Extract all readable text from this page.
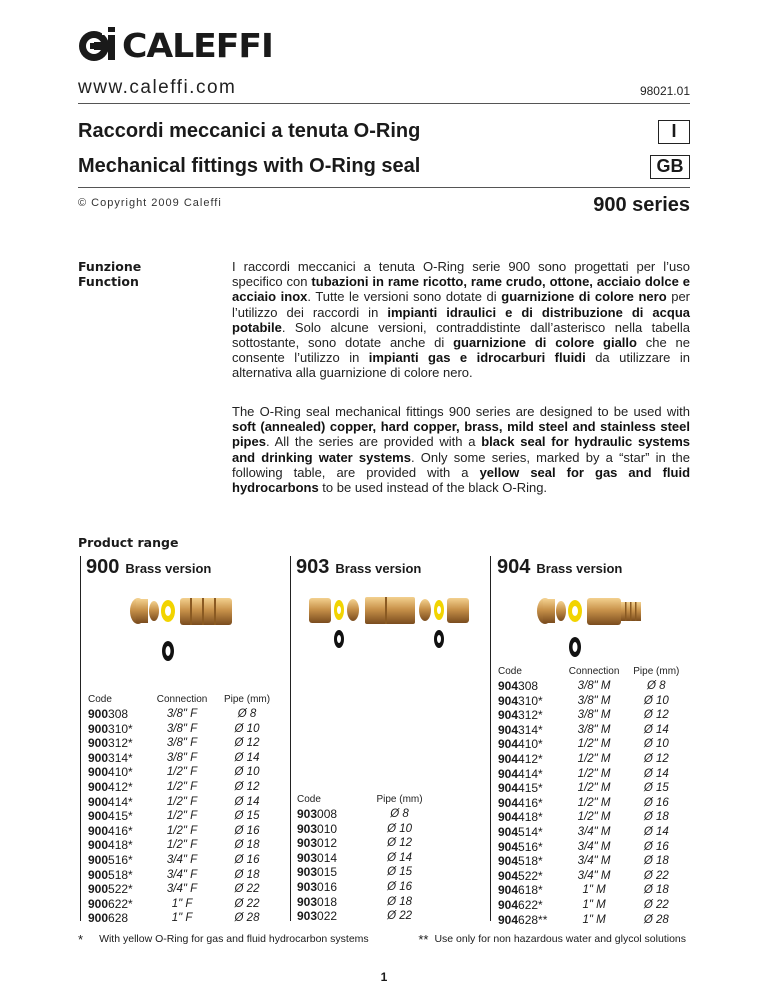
CALEFFI
www.caleffi.com	98021.01
Raccordi meccanici a tenuta O-Ring	I
Mechanical fittings with O-Ring seal	GB
© Copyright 2009 Caleffi	900 series
Funzione
Function
I raccordi meccanici a tenuta O-Ring serie 900 sono progettati per l’uso specifico con tubazioni in rame ricotto, rame crudo, ottone, acciaio dolce e acciaio inox. Tutte le versioni sono dotate di guarnizione di colore nero per l’utilizzo dei raccordi in impianti idraulici e di distribuzione di acqua potabile. Solo alcune versioni, contraddistinte dall’asterisco nella tabella sottostante, sono dotate anche di guarnizione di colore giallo che ne consente l’utilizzo in impianti gas e idrocarburi fluidi da utilizzare in alternativa alla guarnizione di colore nero.
The O-Ring seal mechanical fittings 900 series are designed to be used with soft (annealed) copper, hard copper, brass, mild steel and stainless steel pipes. All the series are provided with a black seal for hydraulic systems and drinking water systems. Only some series, marked by a “star” in the following table, are provided with a yellow seal for gas and fluid hydrocarbons to be used instead of the black O-Ring.
Product range
900 Brass version	903 Brass version	904 Brass version
Code	Connection	Pipe (mm)
900308	3/8" F	Ø 8
900310*	3/8" F	Ø 10
900312*	3/8" F	Ø 12
900314*	3/8" F	Ø 14
900410*	1/2" F	Ø 10
900412*	1/2" F	Ø 12
900414*	1/2" F	Ø 14
900415*	1/2" F	Ø 15
900416*	1/2" F	Ø 16
900418*	1/2" F	Ø 18
900516*	3/4" F	Ø 16
900518*	3/4" F	Ø 18
900522*	3/4" F	Ø 22
900622*	1" F	Ø 22
900628	1" F	Ø 28
Code	Pipe (mm)
903008	Ø 8
903010	Ø 10
903012	Ø 12
903014	Ø 14
903015	Ø 15
903016	Ø 16
903018	Ø 18
903022	Ø 22
Code	Connection	Pipe (mm)
904308	3/8" M	Ø 8
904310*	3/8" M	Ø 10
904312*	3/8" M	Ø 12
904314*	3/8" M	Ø 14
904410*	1/2" M	Ø 10
904412*	1/2" M	Ø 12
904414*	1/2" M	Ø 14
904415*	1/2" M	Ø 15
904416*	1/2" M	Ø 16
904418*	1/2" M	Ø 18
904514*	3/4" M	Ø 14
904516*	3/4" M	Ø 16
904518*	3/4" M	Ø 18
904522*	3/4" M	Ø 22
904618*	1" M	Ø 18
904622*	1" M	Ø 22
904628**	1" M	Ø 28
* With yellow O-Ring for gas and fluid hydrocarbon systems	** Use only for non hazardous water and glycol solutions
1
